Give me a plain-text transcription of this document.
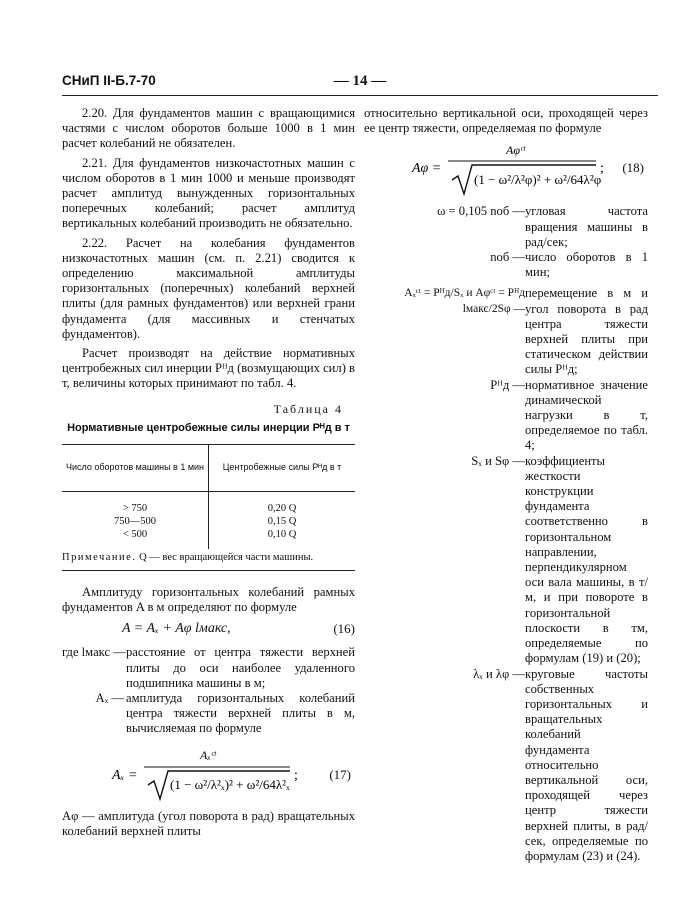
СНиП II-Б.7-70	— 14 —

2.20. Для фундаментов машин с вращающимися частями с числом оборотов больше 1000 в 1 мин расчет колебаний не обязателен.

2.21. Для фундаментов низкочастотных машин с числом оборотов в 1 мин 1000 и меньше производят расчет амплитуд вынужденных горизонтальных поперечных колебаний; расчет амплитуд вертикальных колебаний производить не обязательно.

2.22. Расчет на колебания фундаментов низкочастотных машин (см. п. 2.21) сводится к определению максимальной амплитуды горизонтальных (поперечных) колебаний верхней плиты (для рамных фундаментов) или верхней грани фундамента (для массивных и стенчатых фундаментов).

Расчет производят на действие нормативных центробежных сил инерции Pᴴд (возмущающих сил) в т, величины которых принимают по табл. 4.

Таблица 4
Нормативные центробежные силы инерции Pᴴд в т
Число оборотов машины в 1 мин	Центробежные силы Pᴴд в т
> 750	0,20 Q
750—500	0,15 Q
< 500	0,10 Q
Примечание. Q — вес вращающейся части машины.

Амплитуду горизонтальных колебаний рамных фундаментов A в м определяют по формуле

A = Aₓ + Aφ lмакс,	(16)
где lмакс — расстояние от центра тяжести верхней плиты до оси наиболее удаленного подшипника машины в м;
Aₓ — амплитуда горизонтальных колебаний центра тяжести верхней плиты в м, вычисляемая по формуле
Aₓ =
Aₓᶜᵗ
(1 − ω²/λ²ₓ)² + ω²/64λ²ₓ
; (17)

Aφ — амплитуда (угол поворота в рад) вращательных колебаний верхней плиты

относительно вертикальной оси, проходящей через ее центр тяжести, определяемая по формуле

Aφ =
Aφᶜᵗ
(1 − ω²/λ²φ)² + ω²/64λ²φ
; (18)
ω = 0,105 nоб — угловая частота вращения машины в рад/сек;
nоб — число оборотов в 1 мин;
Aₓᶜᵗ = Pᴴд/Sₓ и Aφᶜᵗ = Pᴴд lмакс/2Sφ —
перемещение в м и угол поворота в рад центра тяжести верхней плиты при статическом действии силы Pᴴд;
Pᴴд — нормативное значение динамической нагрузки в т, определяемое по табл. 4;
Sₓ и Sφ — коэффициенты жесткости конструкции фундамента соответственно в горизонтальном направлении, перпендикулярном оси вала машины, в т/м, и при повороте в горизонтальной плоскости в тм, определяемые по формулам (19) и (20);
λₓ и λφ — круговые частоты собственных горизонтальных и вращательных колебаний фундамента относительно вертикальной оси, проходящей через центр тяжести верхней плиты, в рад/сек, определяемые по формулам (23) и (24).
